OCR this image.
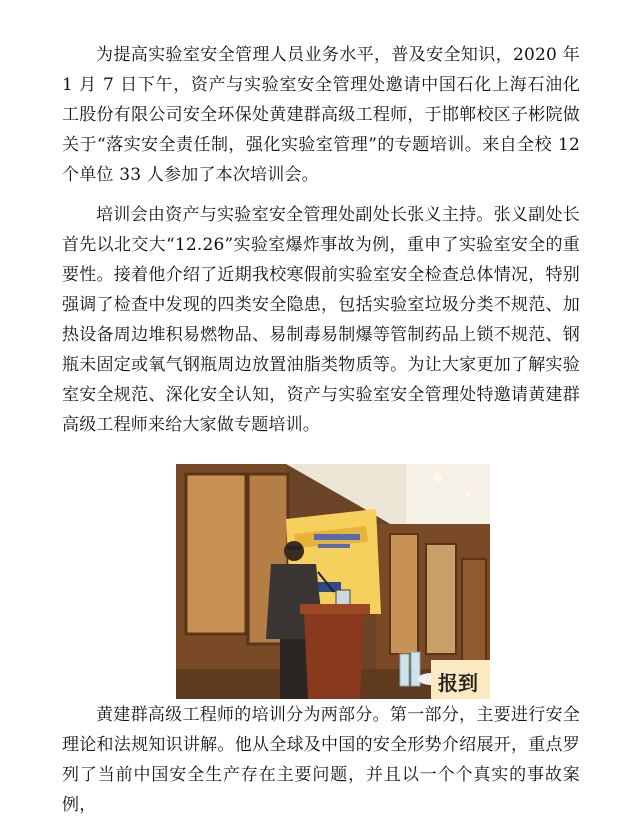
为提高实验室安全管理人员业务水平，普及安全知识，2020 年 1 月 7 日下午，资产与实验室安全管理处邀请中国石化上海石油化工股份有限公司安全环保处黄建群高级工程师，于邯郸校区子彬院做关于“落实安全责任制，强化实验室管理”的专题培训。来自全校 12 个单位 33 人参加了本次培训会。

培训会由资产与实验室安全管理处副处长张义主持。张义副处长首先以北交大“12.26”实验室爆炸事故为例，重申了实验室安全的重要性。接着他介绍了近期我校寒假前实验室安全检查总体情况，特别强调了检查中发现的四类安全隐患，包括实验室垃圾分类不规范、加热设备周边堆积易燃物品、易制毒易制爆等管制药品上锁不规范、钢瓶未固定或氧气钢瓶周边放置油脂类物质等。为让大家更加了解实验室安全规范、深化安全认知，资产与实验室安全管理处特邀请黄建群高级工程师来给大家做专题培训。

报到

黄建群高级工程师的培训分为两部分。第一部分，主要进行安全理论和法规知识讲解。他从全球及中国的安全形势介绍展开，重点罗列了当前中国安全生产存在主要问题，并且以一个个真实的事故案例，
